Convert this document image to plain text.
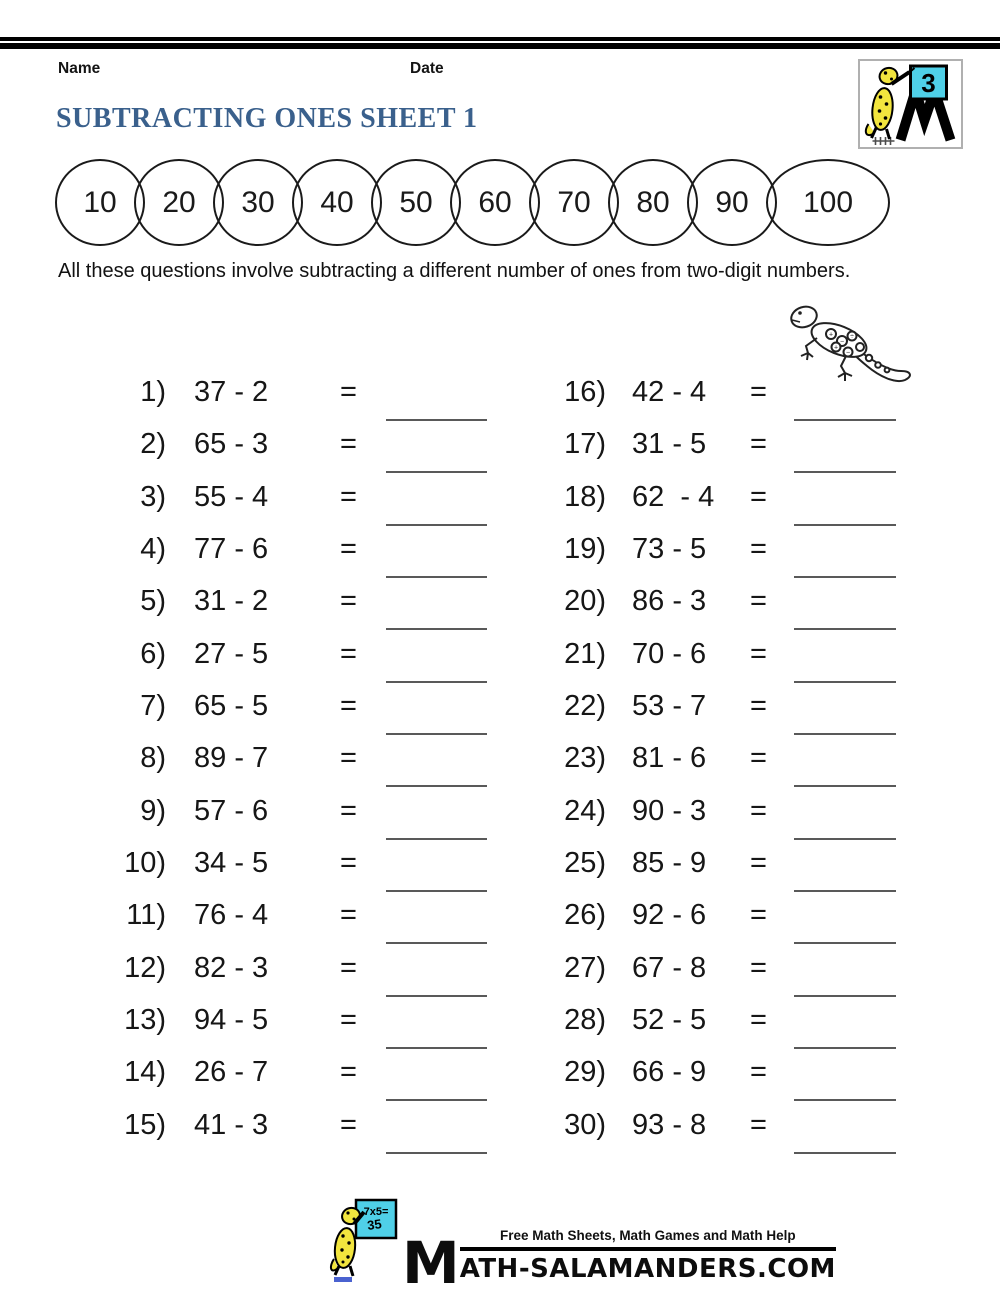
Name	Date	3
SUBTRACTING ONES SHEET 1
10	20	30	40	50	60	70	80	90	100

All these questions involve subtracting a different number of ones from two-digit numbers.

+
−
÷
+
−
1) 37 - 2	=
2) 65 - 3	=
3) 55 - 4	=
4) 77 - 6	=
5) 31 - 2	=
6) 27 - 5	=
7) 65 - 5	=
8) 89 - 7	=
9) 57 - 6	=
10) 34 - 5	=
11) 76 - 4	=
12) 82 - 3	=
13) 94 - 5	=
14) 26 - 7	=
15) 41 - 3	=
16) 42 - 4	=
17) 31 - 5	=
18) 62  - 4	=
19) 73 - 5	=
20) 86 - 3	=
21) 70 - 6	=
22) 53 - 7	=
23) 81 - 6	=
24) 90 - 3	=
25) 85 - 9	=
26) 92 - 6	=
27) 67 - 8	=
28) 52 - 5	=
29) 66 - 9	=
30) 93 - 8	=
7x5=
35
M	Free Math Sheets, Math Games and Math Help
ATH-SALAMANDERS.COM
